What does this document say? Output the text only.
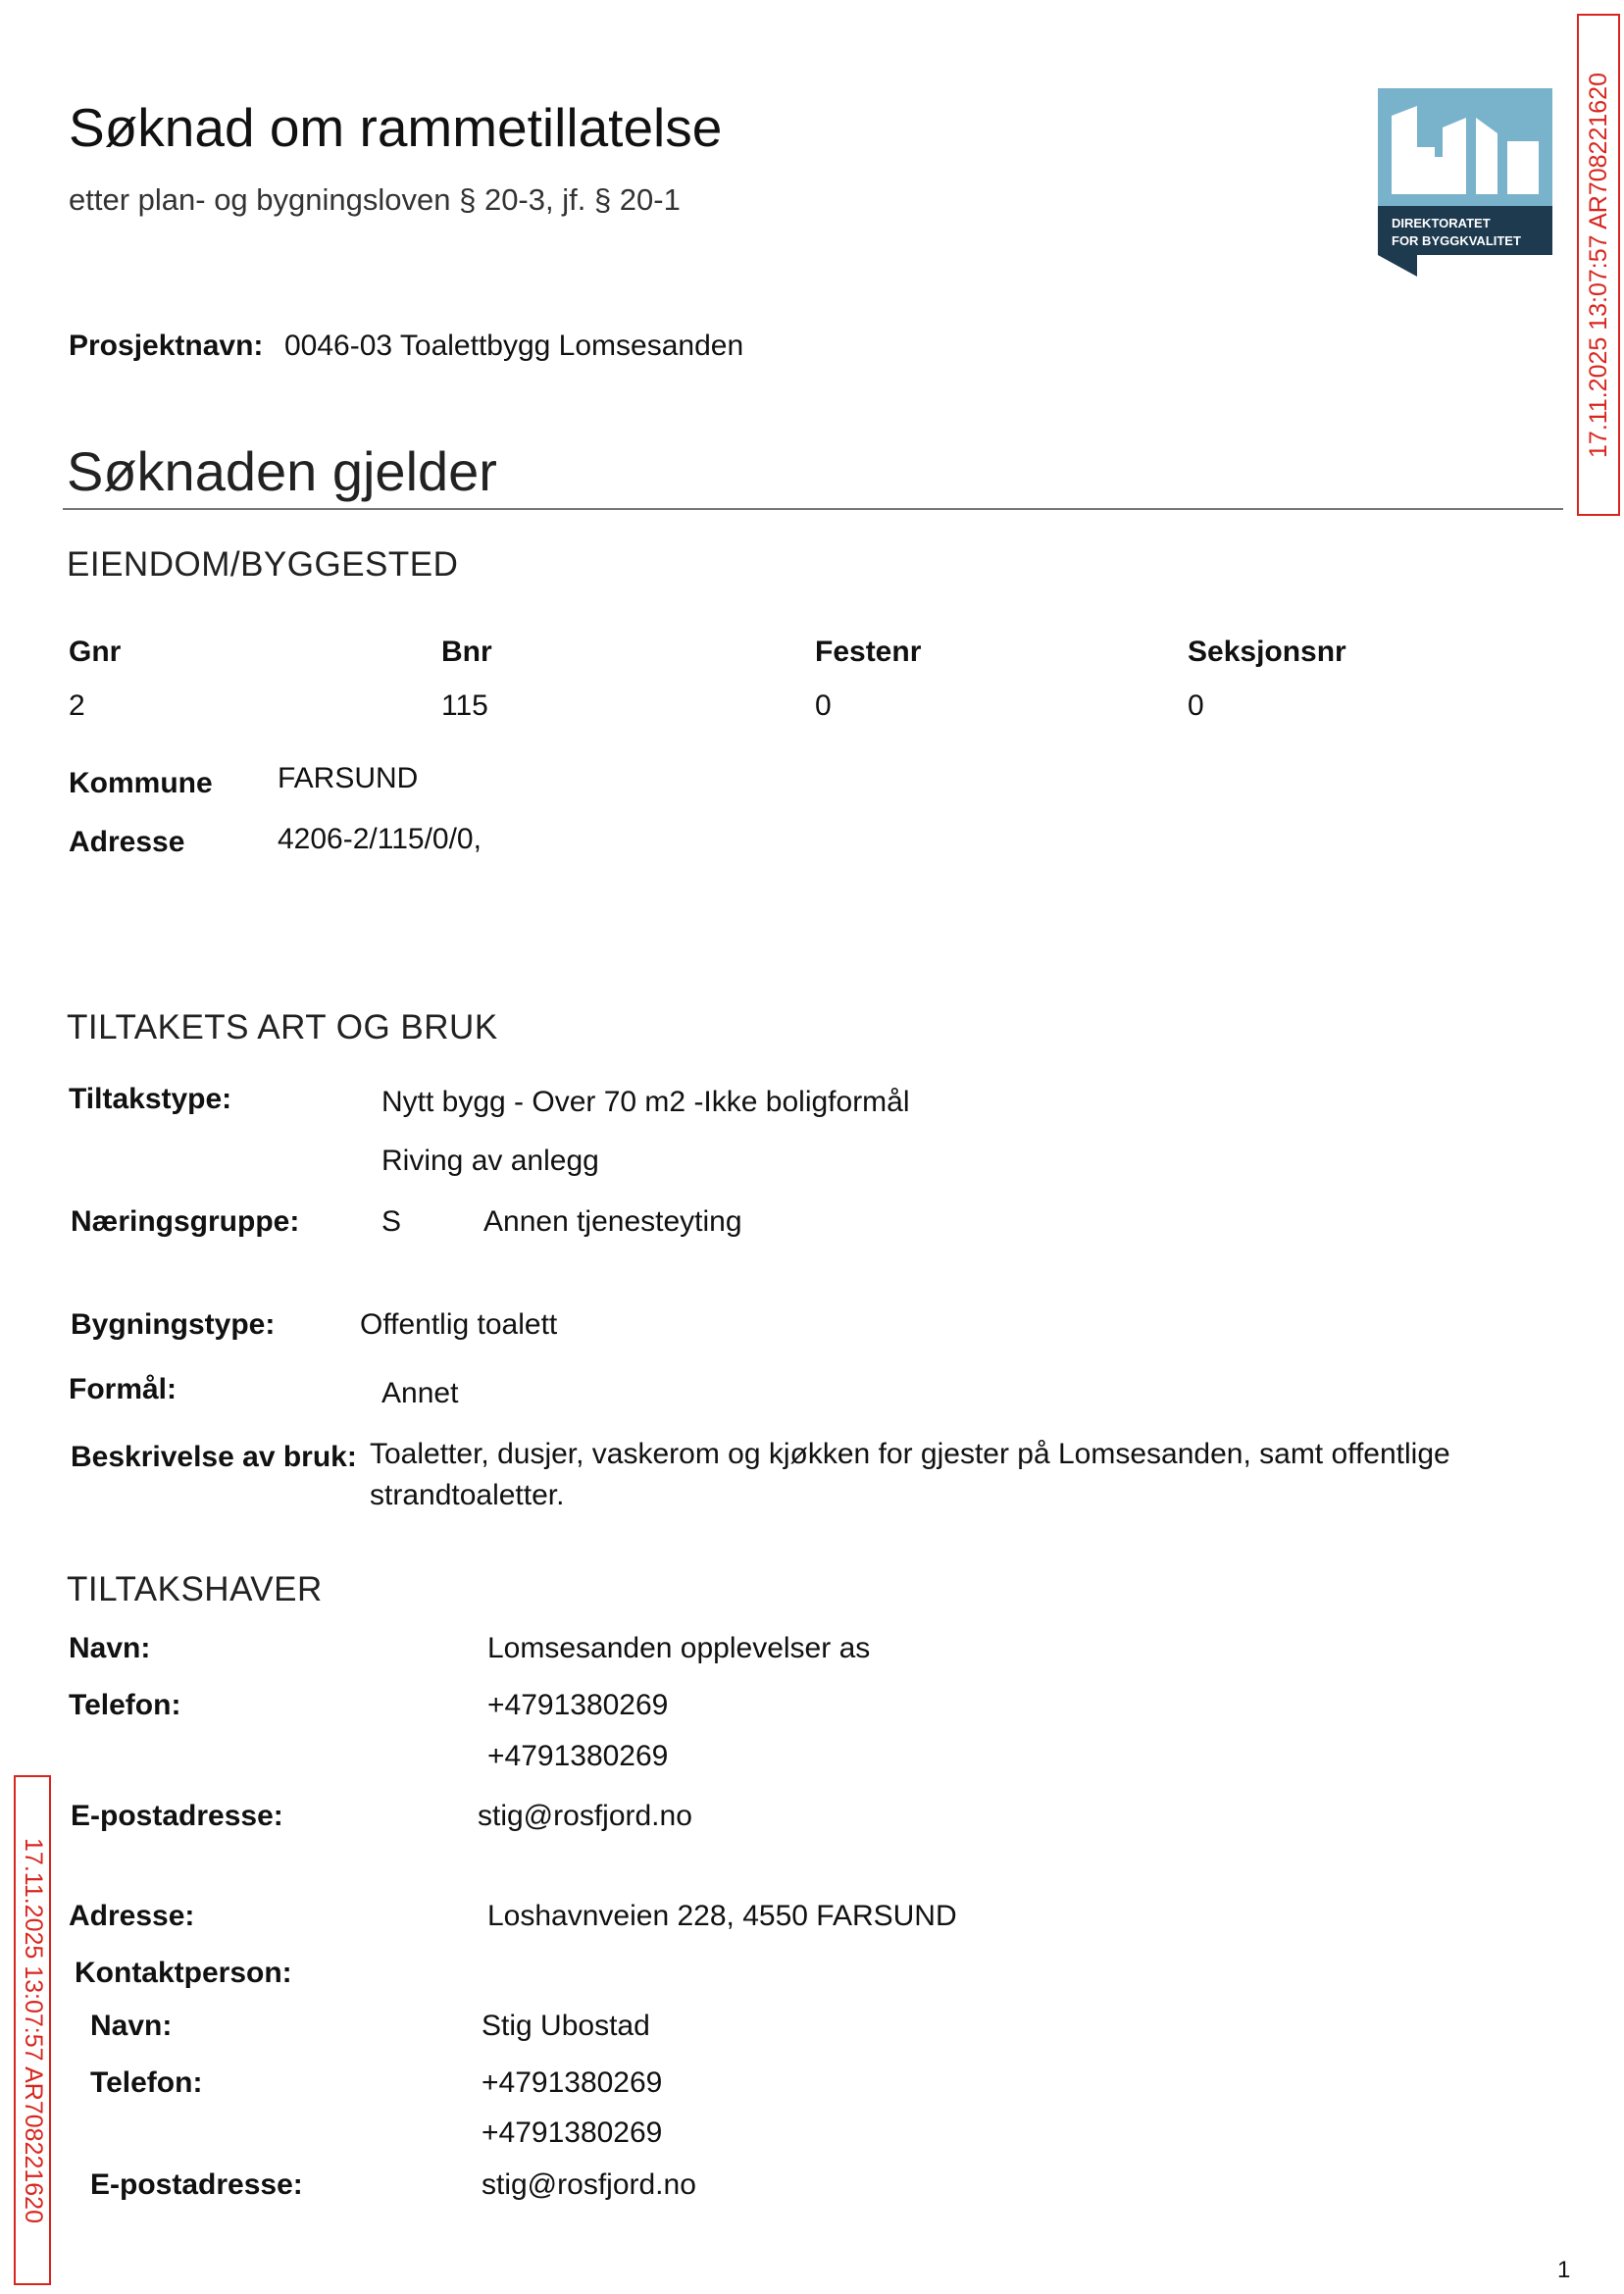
Søknad om rammetillatelse
etter plan- og bygningsloven § 20-3, jf. § 20-1
DIREKTORATET
FOR BYGGKVALITET	17.11.2025 13:07:57 AR708221620
17.11.2025 13:07:57 AR708221620
Prosjektnavn: 0046-03 Toalettbygg Lomsesanden
Søknaden gjelder
EIENDOM/BYGGESTED
Gnr	Bnr	Festenr	Seksjonsnr
2	115	0	0
Kommune FARSUND
Adresse	4206-2/115/0/0,
TILTAKETS ART OG BRUK
Tiltakstype:	Nytt bygg - Over 70 m2 -Ikke boligformål
Riving av anlegg
Næringsgruppe:	S	Annen tjenesteyting
Bygningstype:	Offentlig toalett
Formål:	Annet
Beskrivelse av bruk: Toaletter, dusjer, vaskerom og kjøkken for gjester på Lomsesanden, samt offentlige strandtoaletter.
TILTAKSHAVER
Navn:	Lomsesanden opplevelser as
Telefon:	+4791380269
+4791380269
E-postadresse:	stig@rosfjord.no
Adresse:	Loshavnveien 228, 4550 FARSUND
Kontaktperson:
Navn:	Stig Ubostad
Telefon:	+4791380269
+4791380269
E-postadresse:	stig@rosfjord.no
1
